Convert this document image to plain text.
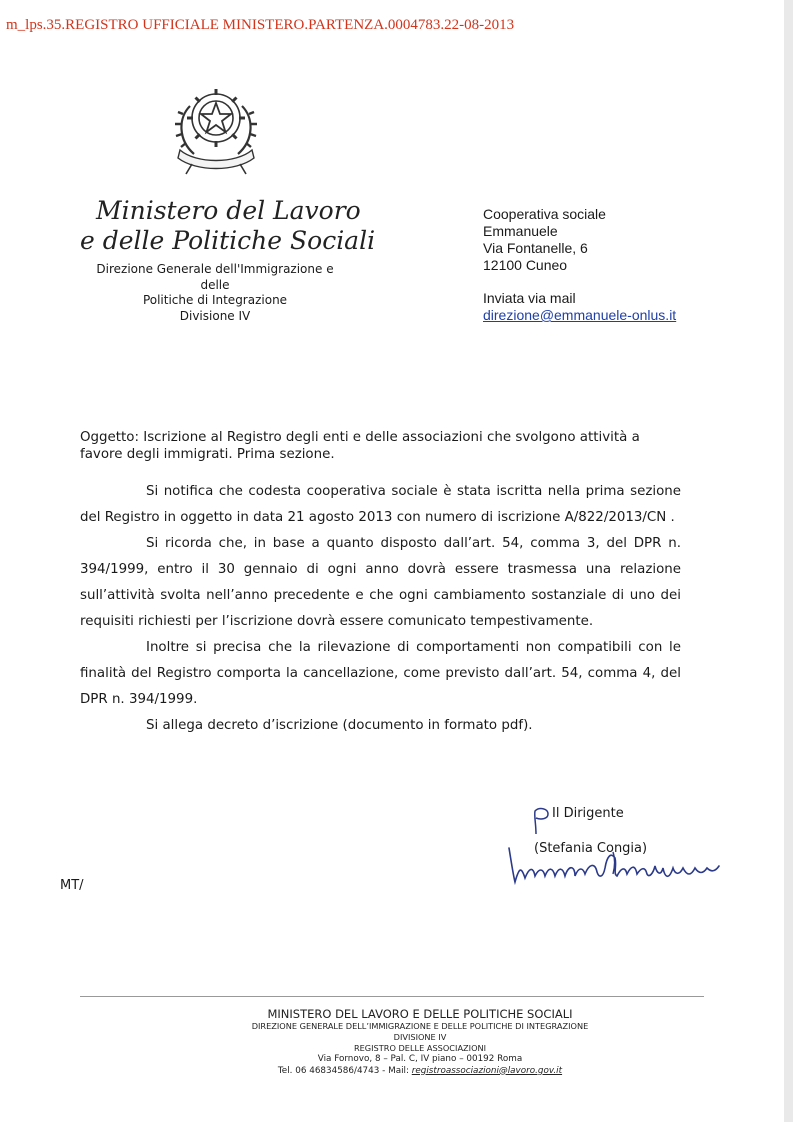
m_lps.35.REGISTRO UFFICIALE MINISTERO.PARTENZA.0004783.22-08-2013
Ministero del Lavoro
e delle Politiche Sociali
Direzione Generale dell'Immigrazione e delle
Politiche di Integrazione
Divisione IV
Cooperativa sociale
Emmanuele
Via Fontanelle, 6
12100 Cuneo
Inviata via mail
direzione@emmanuele-onlus.it
Oggetto: Iscrizione al Registro degli enti e delle associazioni che svolgono attività a favore degli immigrati. Prima sezione.

Si notifica che codesta cooperativa sociale è stata iscritta nella prima sezione del Registro in oggetto in data 21 agosto 2013 con numero di iscrizione A/822/2013/CN .

Si ricorda che, in base a quanto disposto dall’art. 54, comma 3, del DPR n. 394/1999, entro il 30 gennaio di ogni anno dovrà essere trasmessa una relazione sull’attività svolta nell’anno precedente e che ogni cambiamento sostanziale di uno dei requisiti richiesti per l’iscrizione dovrà essere comunicato tempestivamente.

Inoltre si precisa che la rilevazione di comportamenti non compatibili con le finalità del Registro comporta la cancellazione, come previsto dall’art. 54, comma 4, del DPR n. 394/1999.

Si allega decreto d’iscrizione (documento in formato pdf).

Il Dirigente
(Stefania Congia)
MT/
MINISTERO DEL LAVORO E DELLE POLITICHE SOCIALI
DIREZIONE GENERALE DELL’IMMIGRAZIONE E DELLE POLITICHE DI INTEGRAZIONE
DIVISIONE IV
REGISTRO DELLE ASSOCIAZIONI
Via Fornovo, 8 – Pal. C, IV piano – 00192 Roma
Tel. 06 46834586/4743 - Mail: registroassociazioni@lavoro.gov.it
